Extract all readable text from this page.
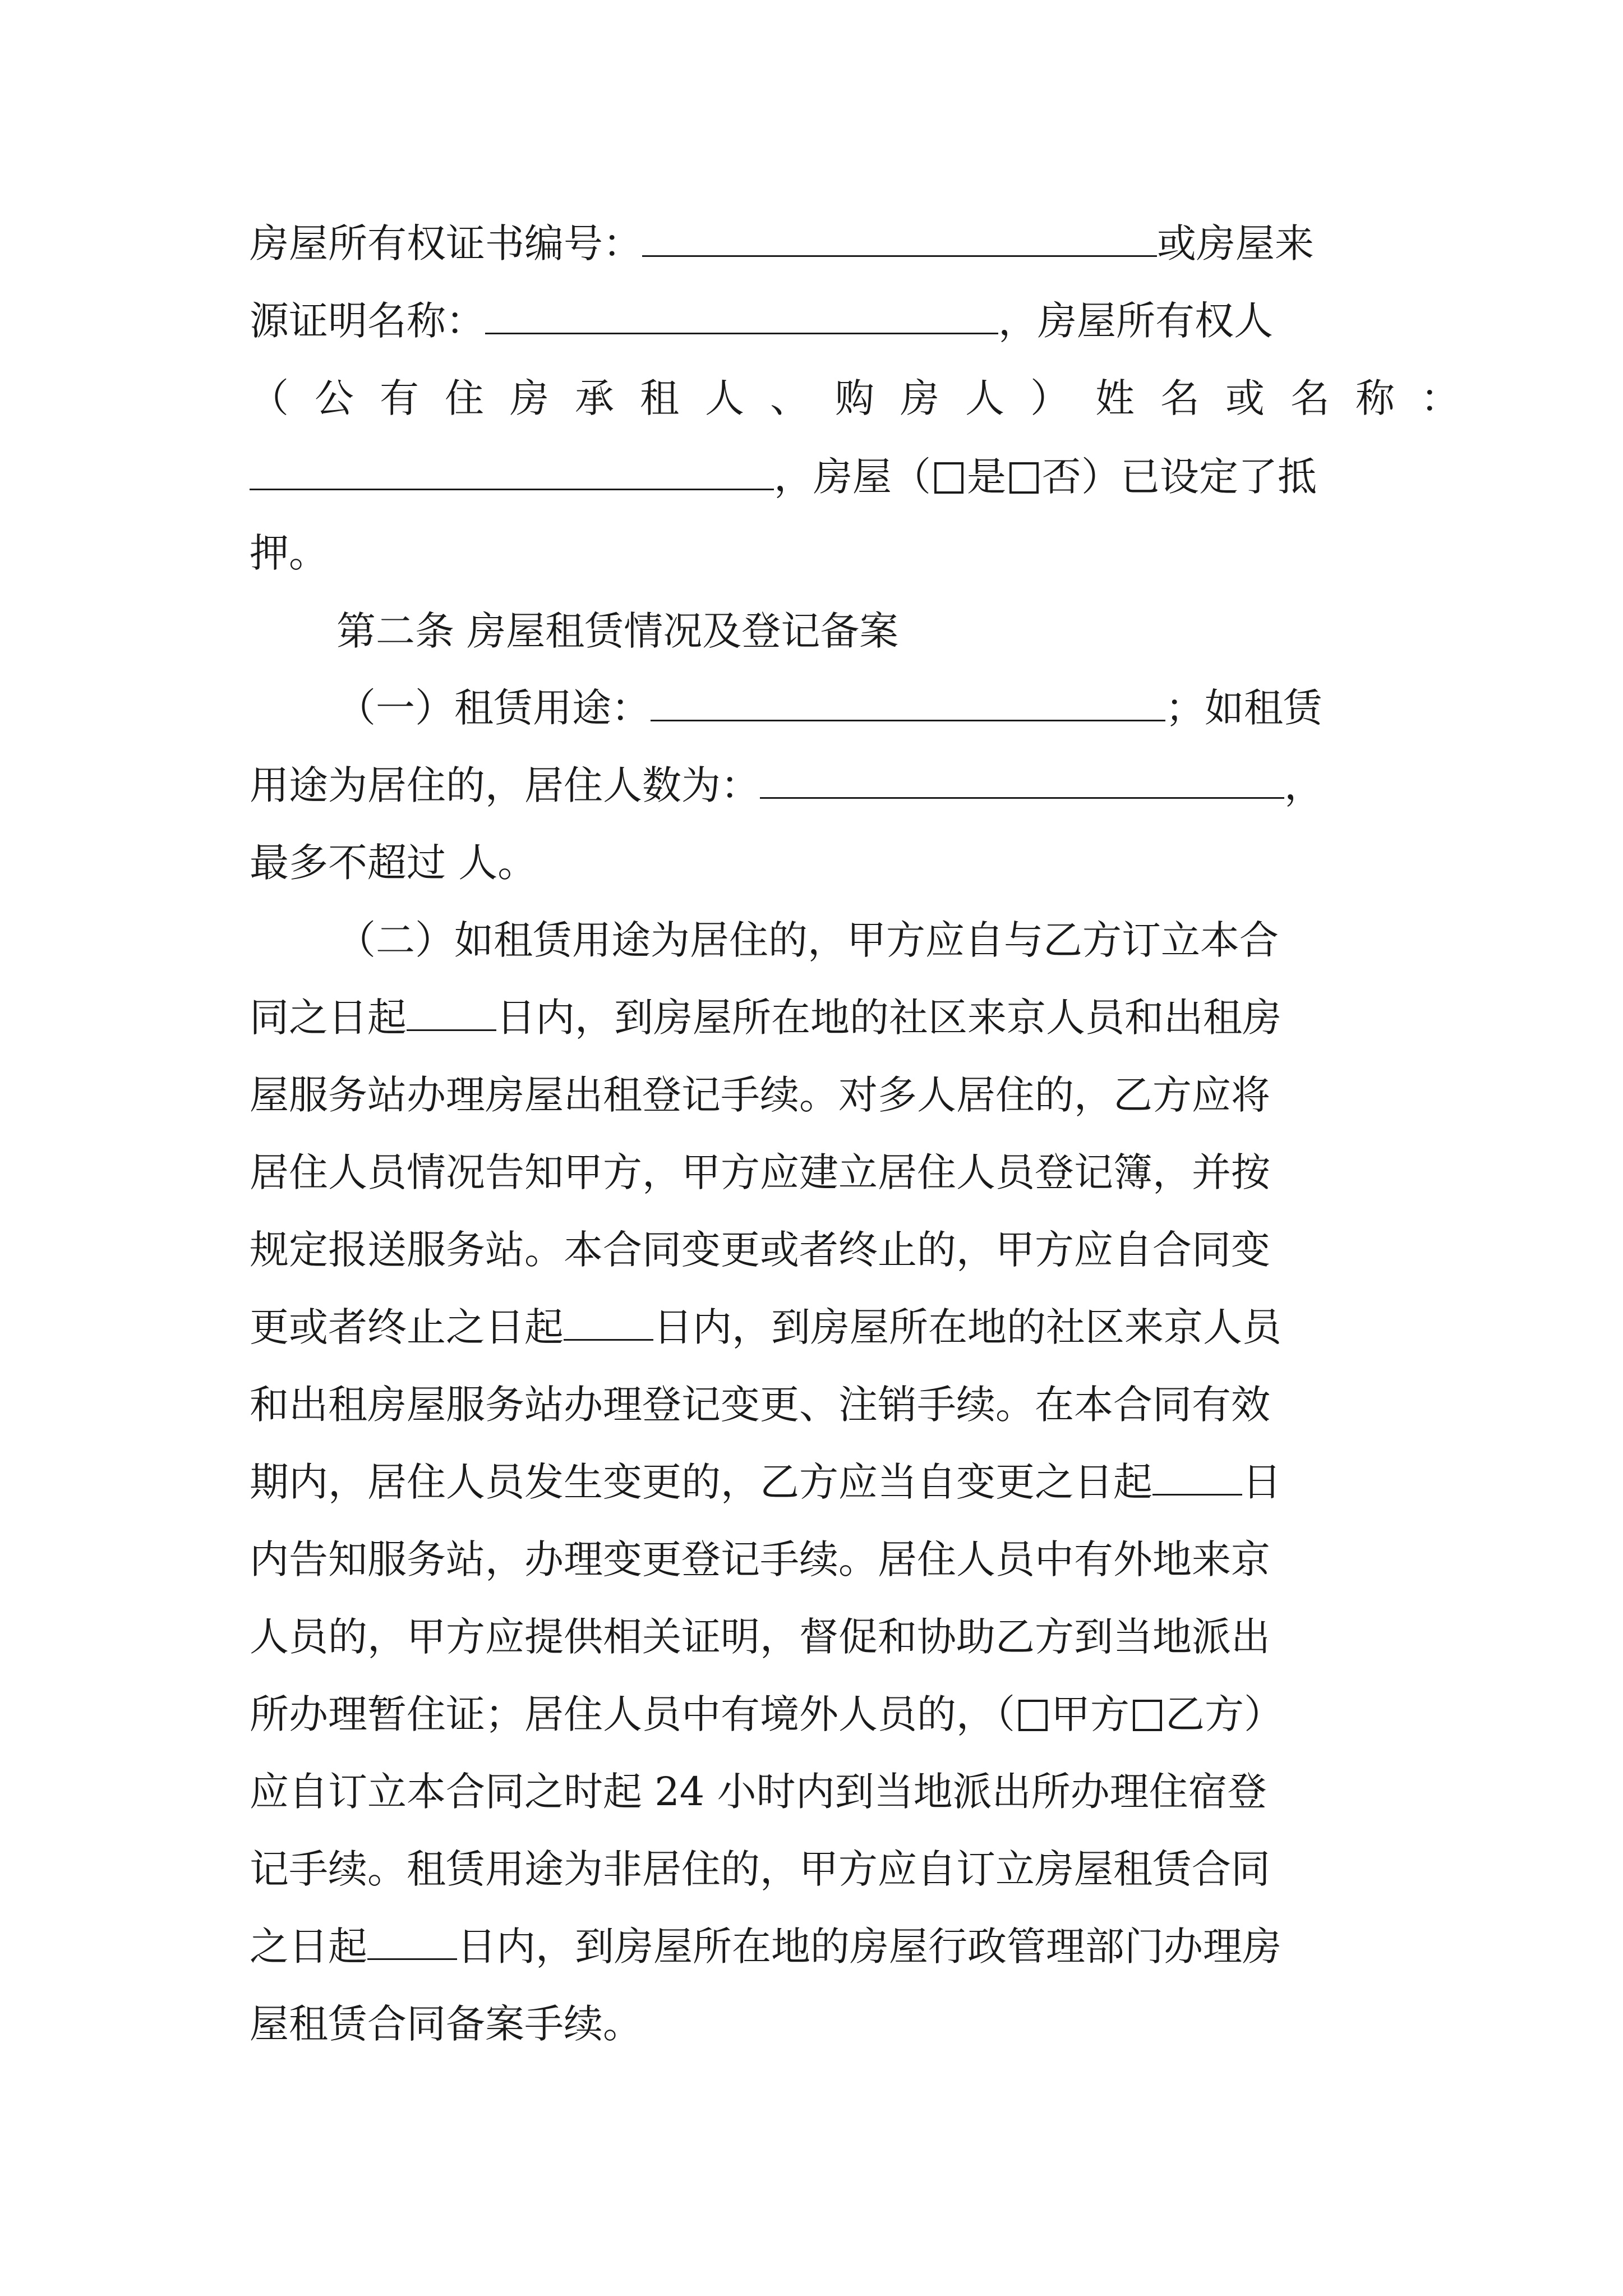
房屋所有权证书编号：	或房屋来
源证明名称：	，房屋所有权人
（公有住房承租人、购房人）姓名或名称：
，房屋（ 是 否）已设定了抵
押。
第二条 房屋租赁情况及登记备案
（一）租赁用途：	；如租赁
用途为居住的，居住人数为：	，
最多不超过 人。
（二）如租赁用途为居住的，甲方应自与乙方订立本合
同之日起 日内，到房屋所在地的社区来京人员和出租房
屋服务站办理房屋出租登记手续。对多人居住的，乙方应将
居住人员情况告知甲方，甲方应建立居住人员登记簿，并按
规定报送服务站。本合同变更或者终止的，甲方应自合同变
更或者终止之日起 日内，到房屋所在地的社区来京人员
和出租房屋服务站办理登记变更、注销手续。在本合同有效
期内，居住人员发生变更的，乙方应当自变更之日起 日
内告知服务站，办理变更登记手续。居住人员中有外地来京
人员的，甲方应提供相关证明，督促和协助乙方到当地派出
所办理暂住证；居住人员中有境外人员的，（ 甲方 乙方）
应自订立本合同之时起 24 小时内到当地派出所办理住宿登
记手续。租赁用途为非居住的，甲方应自订立房屋租赁合同
之日起 日内，到房屋所在地的房屋行政管理部门办理房
屋租赁合同备案手续。
